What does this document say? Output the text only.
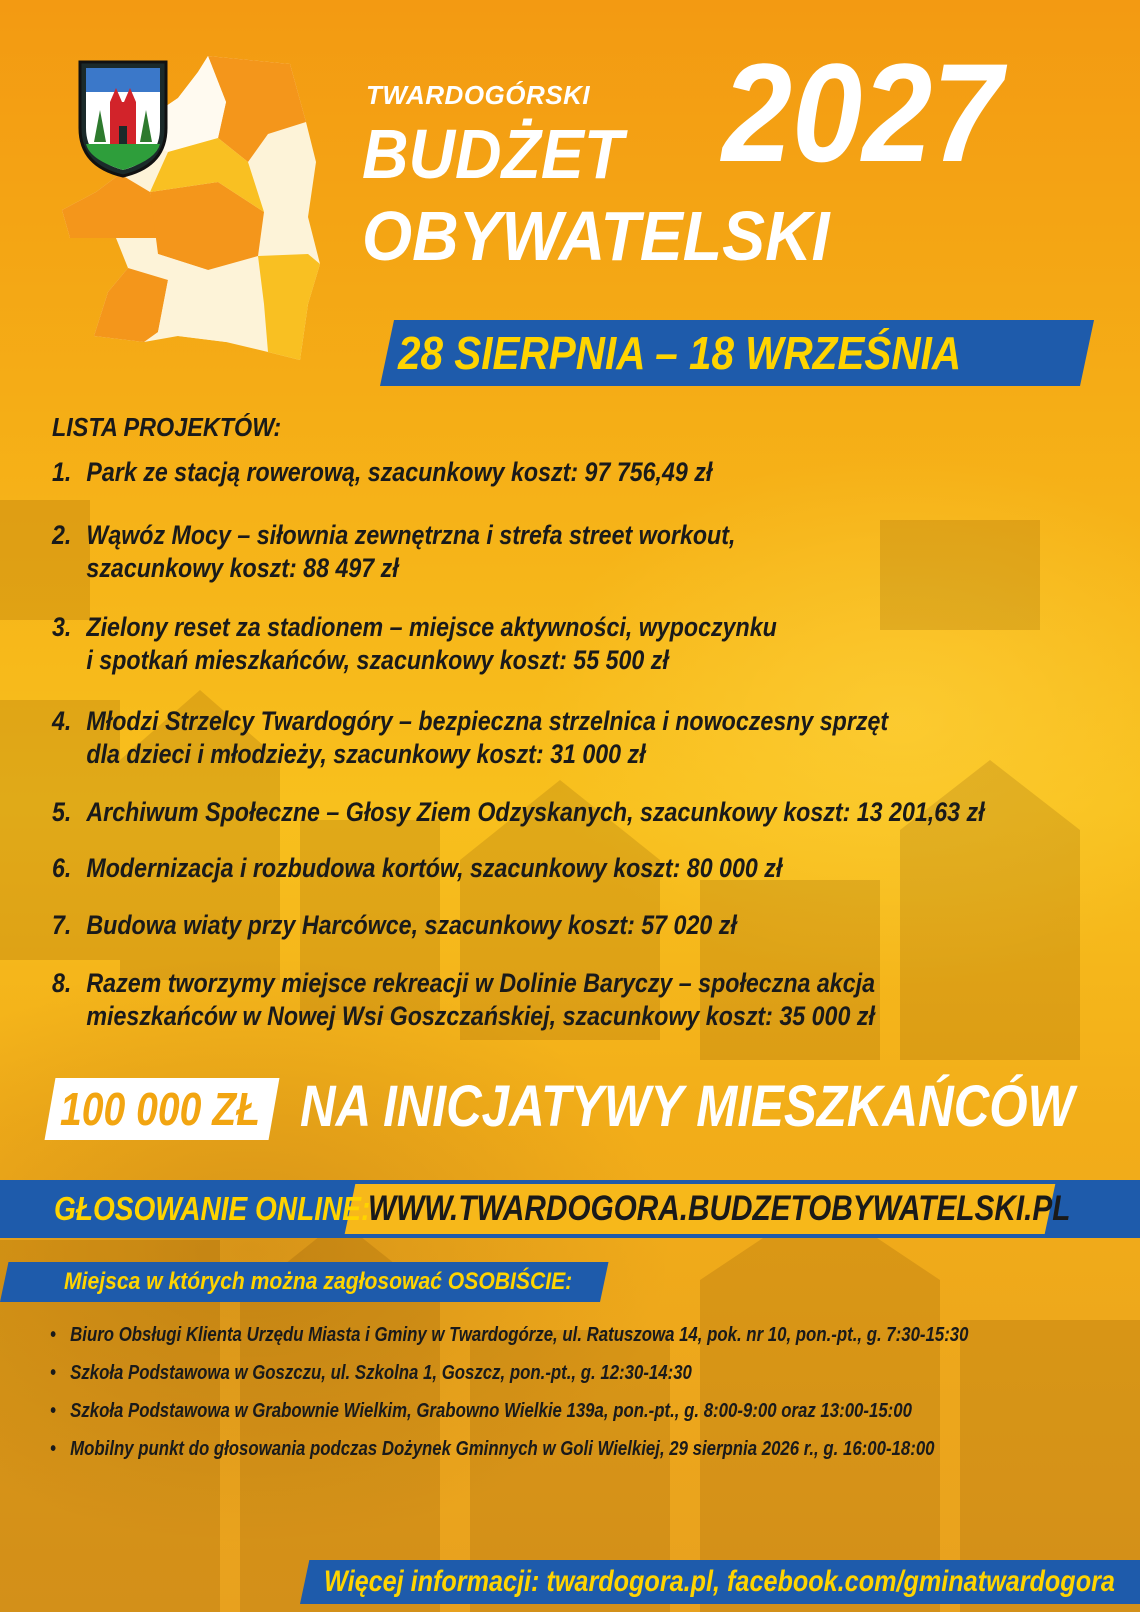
TWARDOGÓRSKI
BUDŻET
OBYWATELSKI
2027
28 SIERPNIA – 18 WRZEŚNIA
LISTA PROJEKTÓW:
1. Park ze stacją rowerową, szacunkowy koszt: 97 756,49 zł
2. Wąwóz Mocy – siłownia zewnętrzna i strefa street workout,
szacunkowy koszt: 88 497 zł
3. Zielony reset za stadionem – miejsce aktywności, wypoczynku
i spotkań mieszkańców, szacunkowy koszt: 55 500 zł
4. Młodzi Strzelcy Twardogóry – bezpieczna strzelnica i nowoczesny sprzęt
dla dzieci i młodzieży, szacunkowy koszt: 31 000 zł
5. Archiwum Społeczne – Głosy Ziem Odzyskanych, szacunkowy koszt: 13 201,63 zł
6. Modernizacja i rozbudowa kortów, szacunkowy koszt: 80 000 zł
7. Budowa wiaty przy Harcówce, szacunkowy koszt: 57 020 zł
8. Razem tworzymy miejsce rekreacji w Dolinie Baryczy – społeczna akcja
mieszkańców w Nowej Wsi Goszczańskiej, szacunkowy koszt: 35 000 zł
100 000 ZŁ NA INICJATYWY MIESZKAŃCÓW
GŁOSOWANIE ONLINE:
WWW.TWARDOGORA.BUDZETOBYWATELSKI.PL
Miejsca w których można zagłosować OSOBIŚCIE:
• Biuro Obsługi Klienta Urzędu Miasta i Gminy w Twardogórze, ul. Ratuszowa 14, pok. nr 10, pon.-pt., g. 7:30-15:30
• Szkoła Podstawowa w Goszczu, ul. Szkolna 1, Goszcz, pon.-pt., g. 12:30-14:30
• Szkoła Podstawowa w Grabownie Wielkim, Grabowno Wielkie 139a, pon.-pt., g. 8:00-9:00 oraz 13:00-15:00
• Mobilny punkt do głosowania podczas Dożynek Gminnych w Goli Wielkiej, 29 sierpnia 2026 r., g. 16:00-18:00
Więcej informacji: twardogora.pl, facebook.com/gminatwardogora
